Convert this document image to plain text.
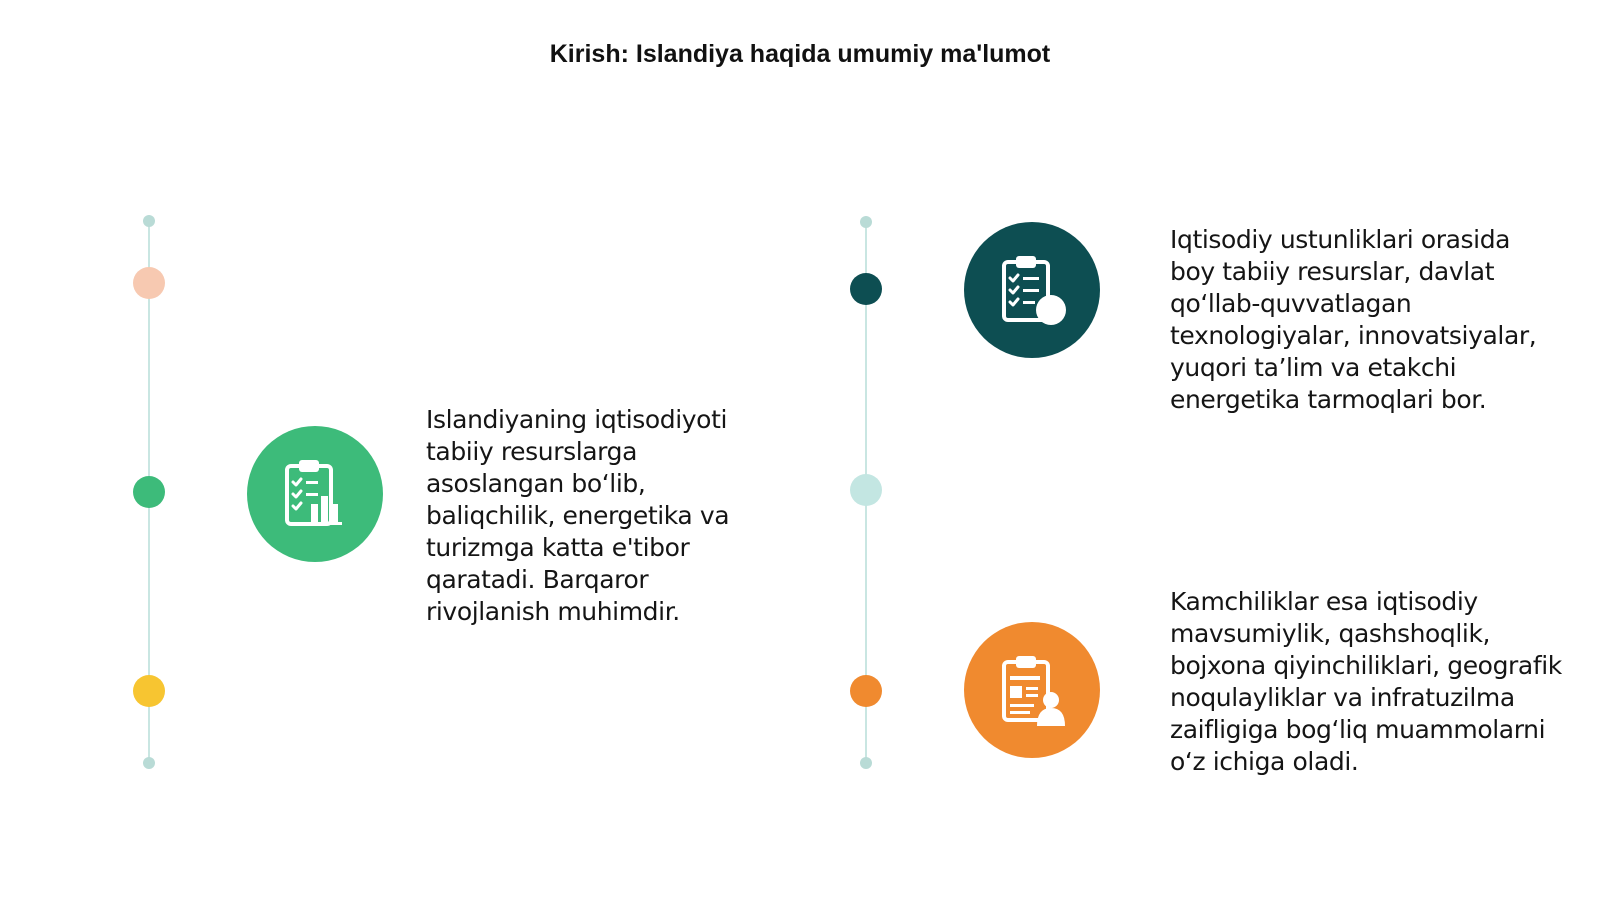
Kirish: Islandiya haqida umumiy ma'lumot

Islandiyaning iqtisodiyoti tabiiy resurslarga asoslangan bo‘lib, baliqchilik, energetika va turizmga katta e'tibor qaratadi. Barqaror rivojlanish muhimdir.

Iqtisodiy ustunliklari orasida boy tabiiy resurslar, davlat qo‘llab-quvvatlagan texnologiyalar, innovatsiyalar, yuqori ta’lim va etakchi energetika tarmoqlari bor.

Kamchiliklar esa iqtisodiy mavsumiylik, qashshoqlik, bojxona qiyinchiliklari, geografik noqulayliklar va infratuzilma zaifligiga bog‘liq muammolarni o‘z ichiga oladi.
